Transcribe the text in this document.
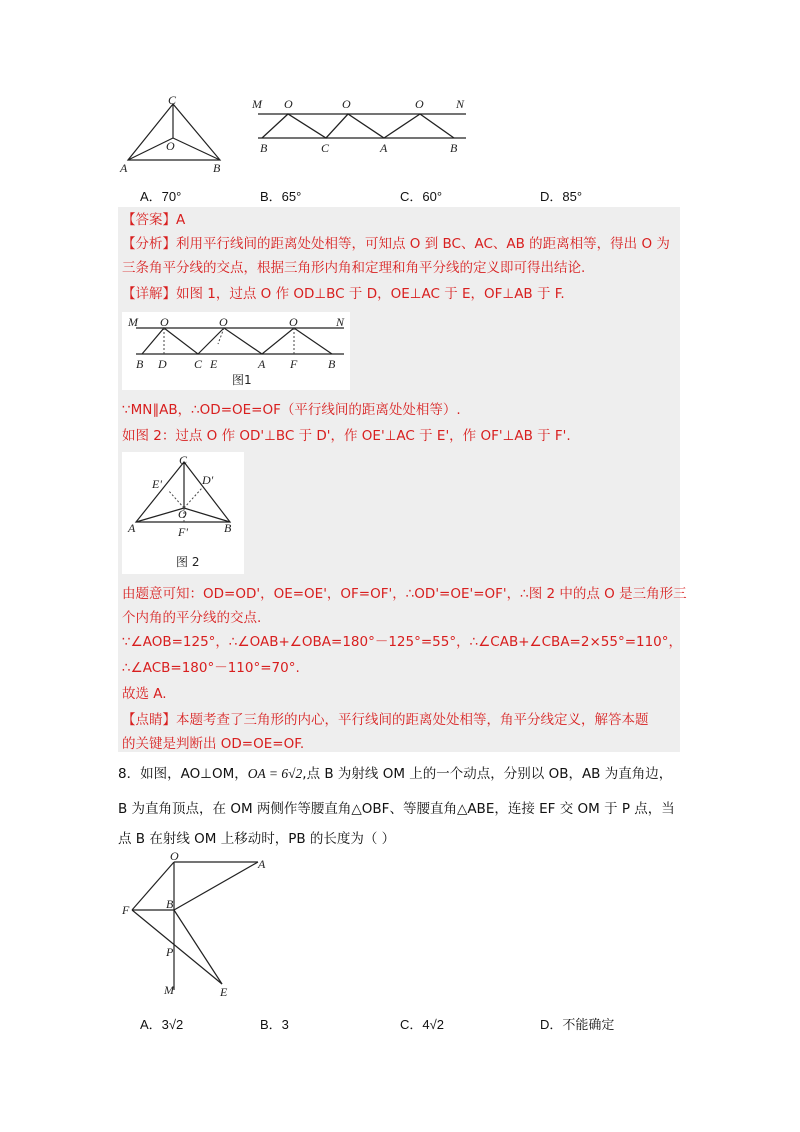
C
O
A	B
M O	O	O	N
B	C	A	B
A．70°	B．65°	C．60°	D．85°
【答案】A
【分析】利用平行线间的距离处处相等，可知点 O 到 BC、AC、AB 的距离相等，得出 O 为
三条角平分线的交点，根据三角形内角和定理和角平分线的定义即可得出结论.
【详解】如图 1，过点 O 作 OD⊥BC 于 D，OE⊥AC 于 E，OF⊥AB 于 F.
M O	O	O	N
B D C E	A F	B
图1
∵MN∥AB，∴OD=OE=OF（平行线间的距离处处相等）.
如图 2：过点 O 作 OD'⊥BC 于 D'，作 OE'⊥AC 于 E'，作 OF'⊥AB 于 F'.
C
E'	D'
O
A	F'	B
图 2
由题意可知：OD=OD'，OE=OE'，OF=OF'，∴OD'=OE'=OF'，∴图 2 中的点 O 是三角形三
个内角的平分线的交点.
∵∠AOB=125°，∴∠OAB+∠OBA=180°－125°=55°，∴∠CAB+∠CBA=2×55°=110°，
∴∠ACB=180°－110°=70°.
故选 A.
【点睛】本题考查了三角形的内心，平行线间的距离处处相等，角平分线定义，解答本题
的关键是判断出 OD=OE=OF.
8．如图，AO⊥OM，OA = 6√2,点 B 为射线 OM 上的一个动点，分别以 OB，AB 为直角边，
B 为直角顶点，在 OM 两侧作等腰直角△OBF、等腰直角△ABE，连接 EF 交 OM 于 P 点，当
点 B 在射线 OM 上移动时，PB 的长度为（ ）
O
A
F	B
P
M	E
A．3√2	B．3	C．4√2	D．不能确定
